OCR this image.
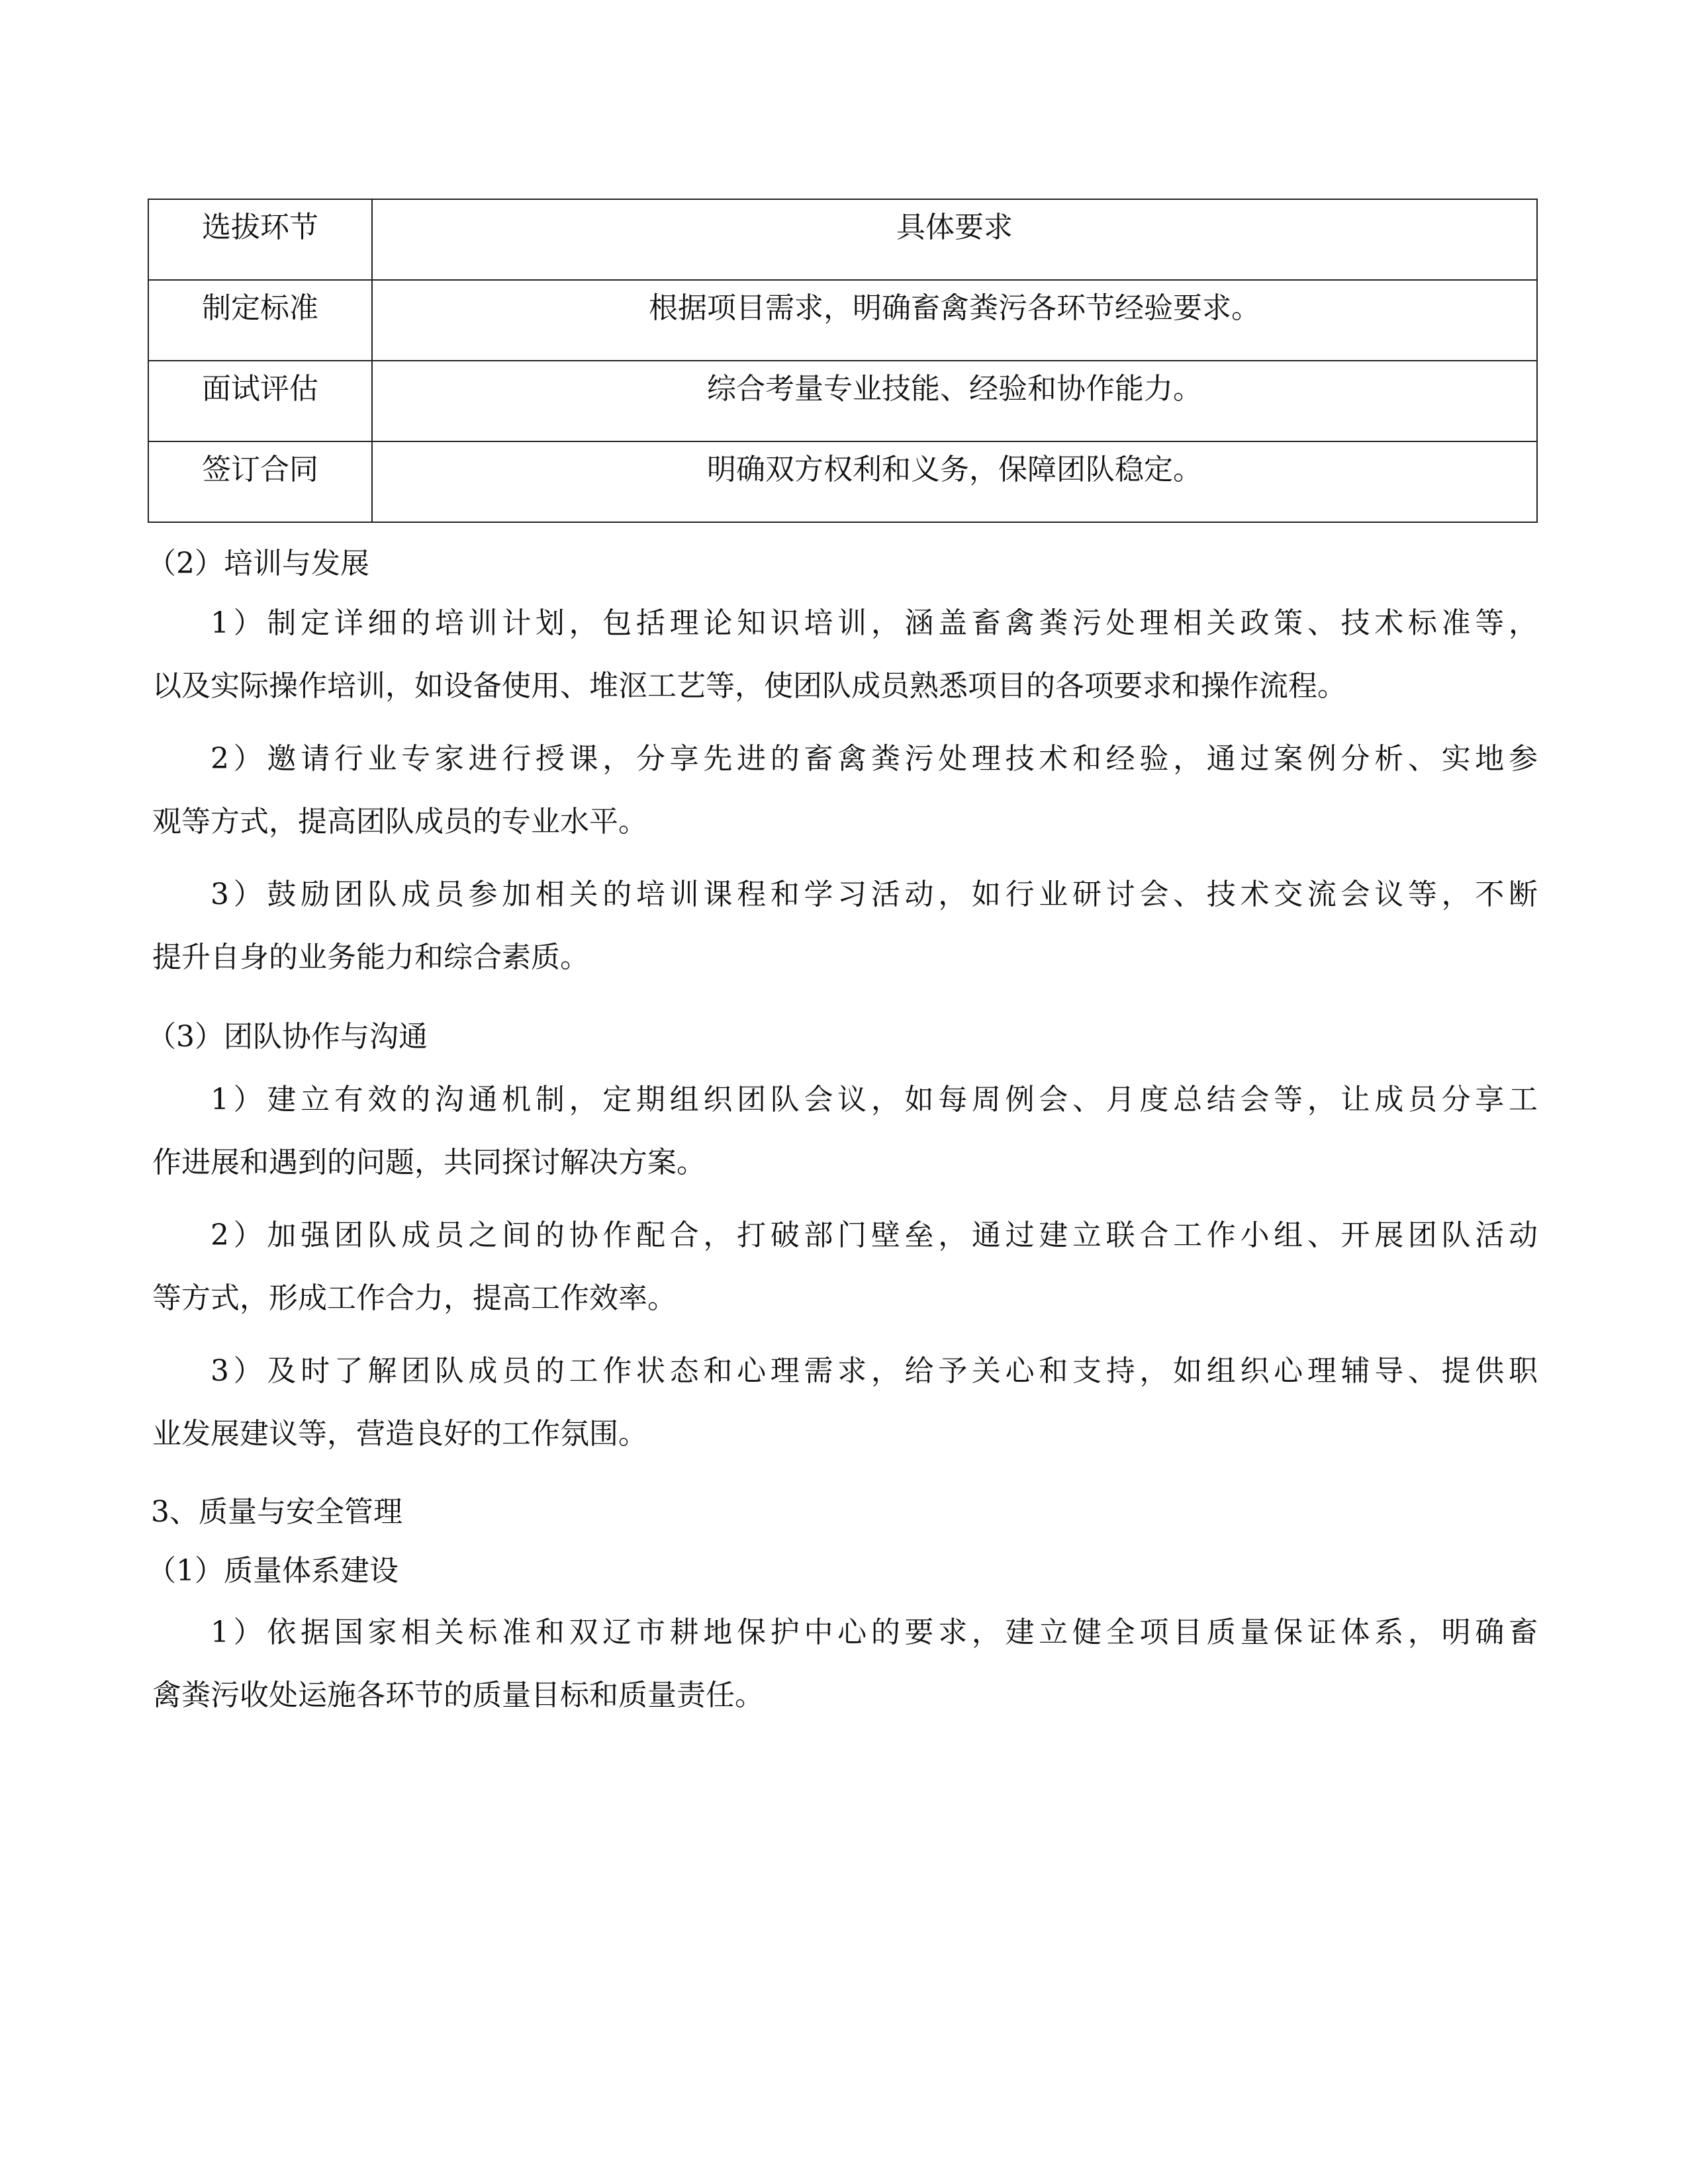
选拔环节	具体要求
制定标准	根据项目需求，明确畜禽粪污各环节经验要求。
面试评估	综合考量专业技能、经验和协作能力。
签订合同	明确双方权利和义务，保障团队稳定。
（2）培训与发展
1）制定详细的培训计划，包括理论知识培训，涵盖畜禽粪污处理相关政策、技术标准等，
以及实际操作培训，如设备使用、堆沤工艺等，使团队成员熟悉项目的各项要求和操作流程。
2）邀请行业专家进行授课，分享先进的畜禽粪污处理技术和经验，通过案例分析、实地参
观等方式，提高团队成员的专业水平。
3）鼓励团队成员参加相关的培训课程和学习活动，如行业研讨会、技术交流会议等，不断
提升自身的业务能力和综合素质。
（3）团队协作与沟通
1）建立有效的沟通机制，定期组织团队会议，如每周例会、月度总结会等，让成员分享工
作进展和遇到的问题，共同探讨解决方案。
2）加强团队成员之间的协作配合，打破部门壁垒，通过建立联合工作小组、开展团队活动
等方式，形成工作合力，提高工作效率。
3）及时了解团队成员的工作状态和心理需求，给予关心和支持，如组织心理辅导、提供职
业发展建议等，营造良好的工作氛围。
3、质量与安全管理
（1）质量体系建设
1）依据国家相关标准和双辽市耕地保护中心的要求，建立健全项目质量保证体系，明确畜
禽粪污收处运施各环节的质量目标和质量责任。
